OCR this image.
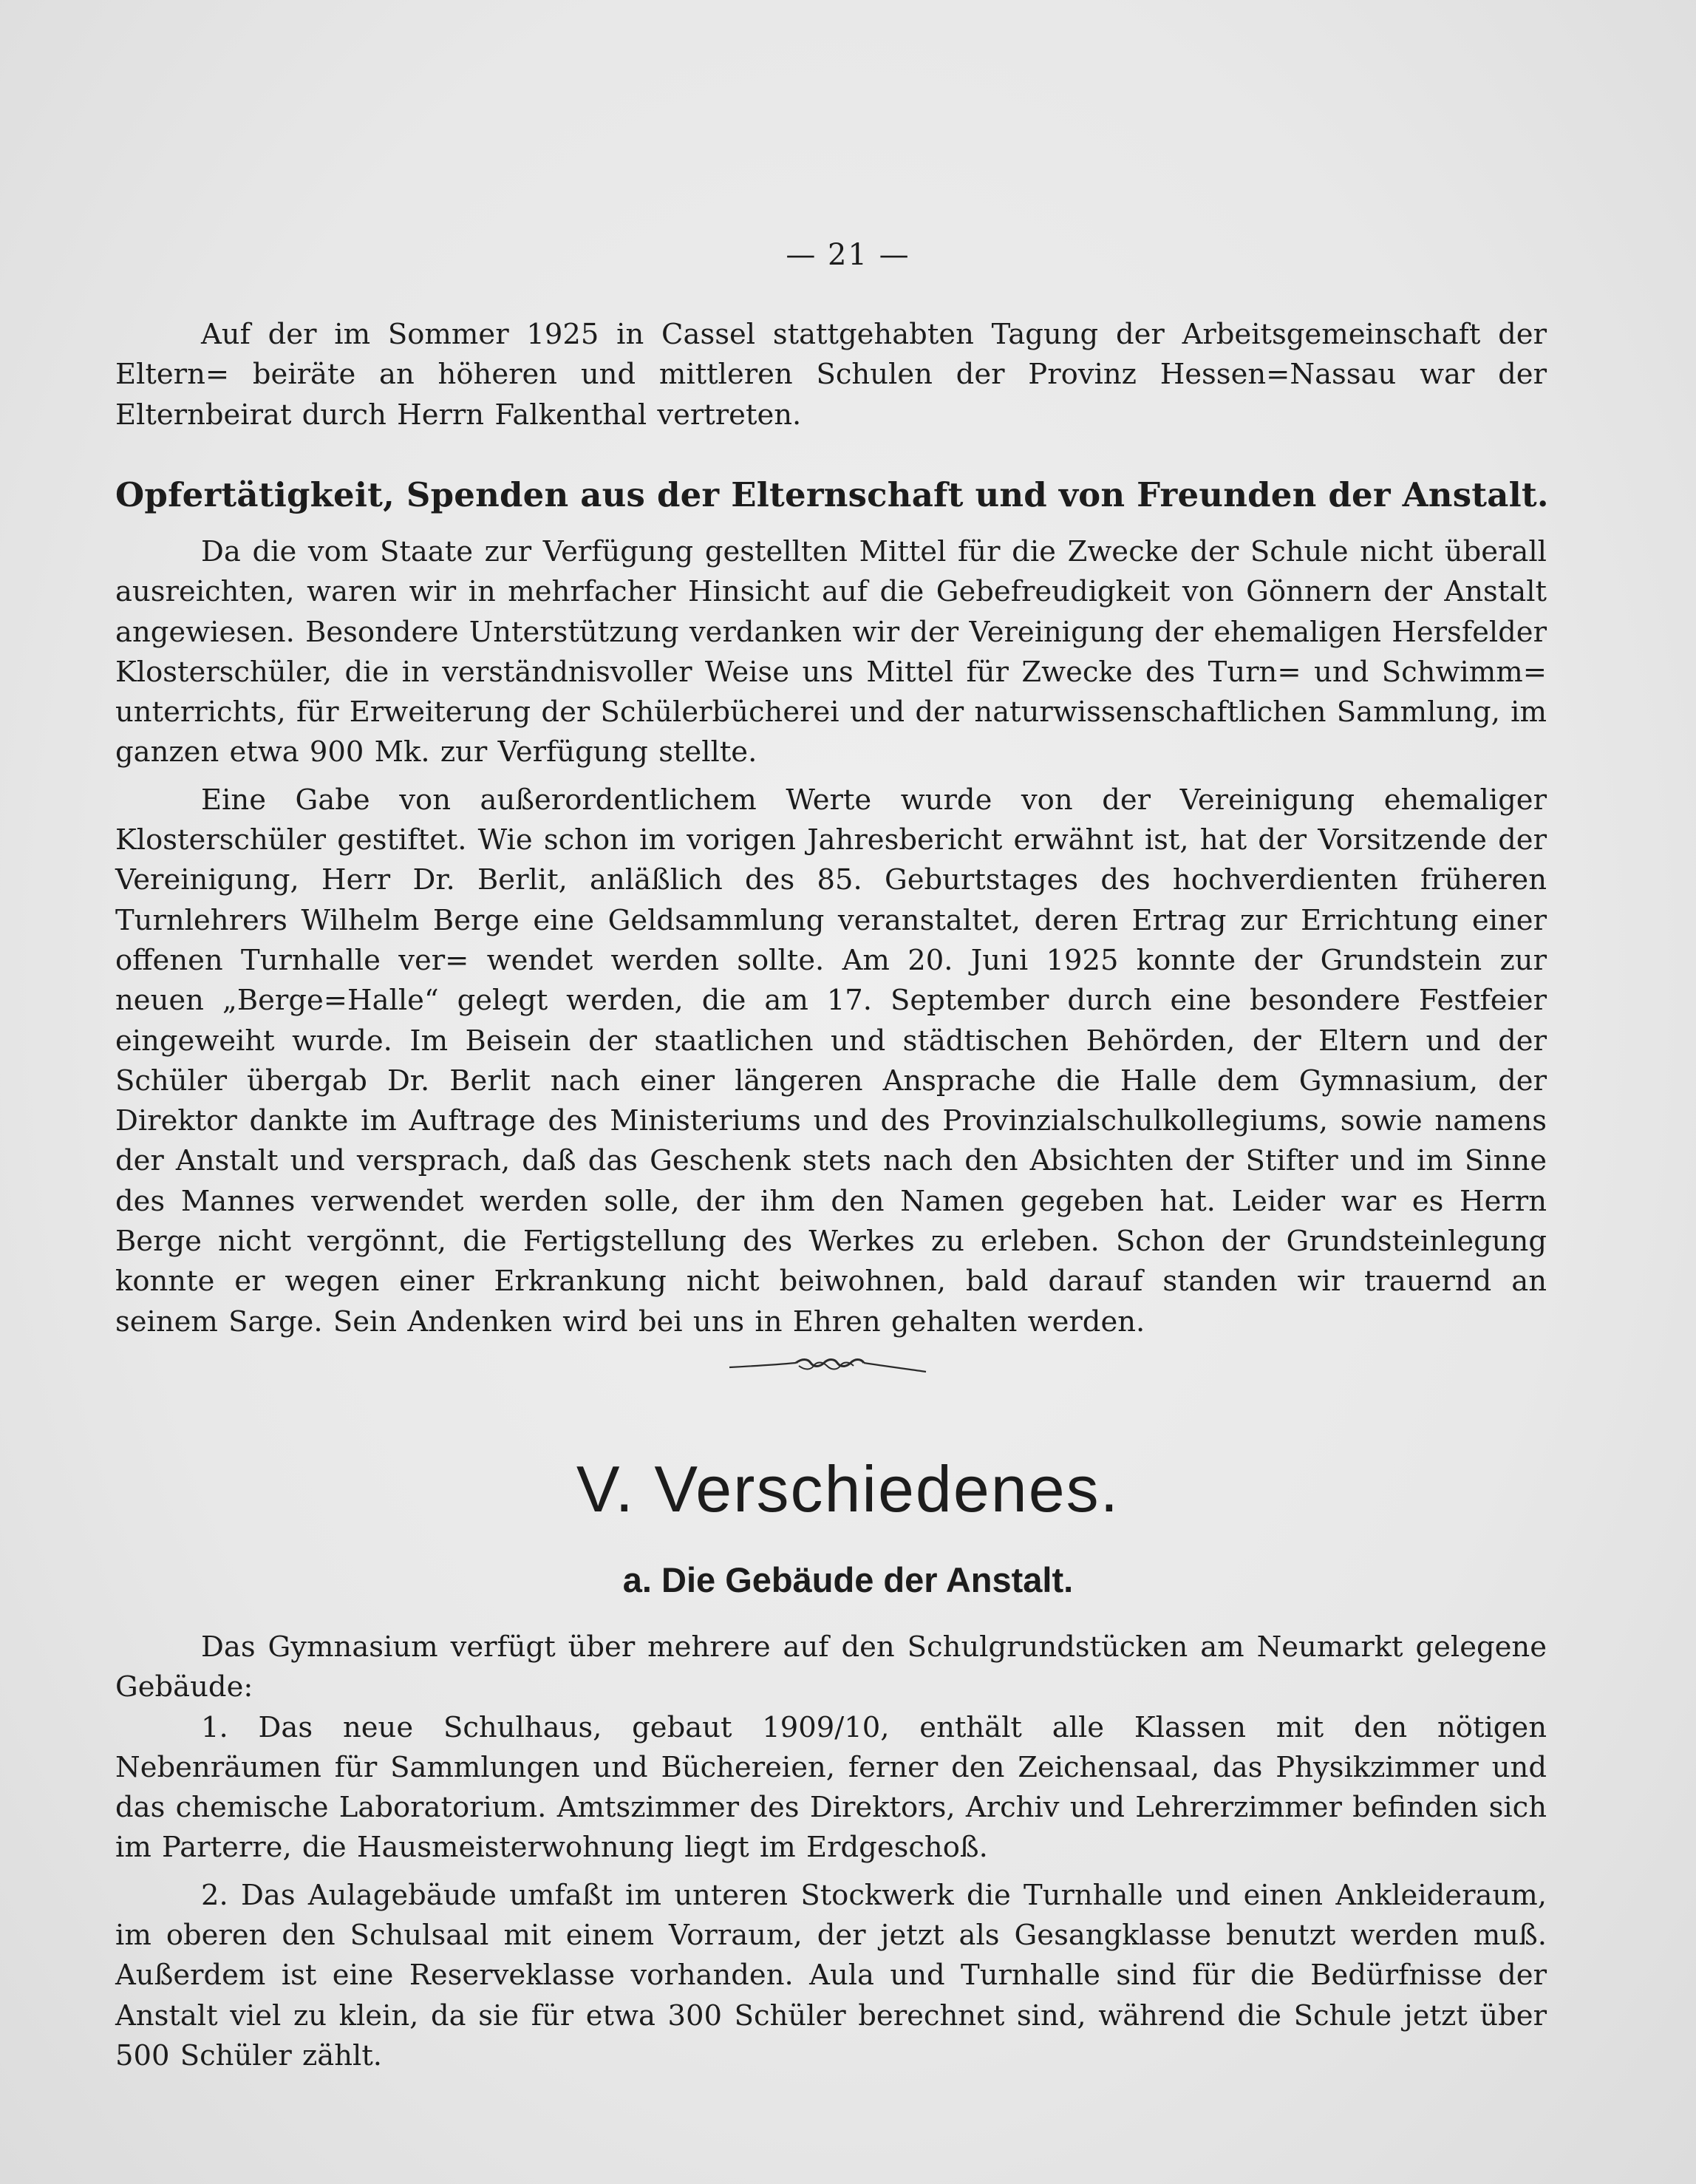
— 21 —

Auf der im Sommer 1925 in Cassel stattgehabten Tagung der Arbeitsgemeinschaft der Eltern= beiräte an höheren und mittleren Schulen der Provinz Hessen=Nassau war der Elternbeirat durch Herrn Falkenthal vertreten.

Opfertätigkeit, Spenden aus der Elternschaft und von Freunden der Anstalt.

Da die vom Staate zur Verfügung gestellten Mittel für die Zwecke der Schule nicht überall ausreichten, waren wir in mehrfacher Hinsicht auf die Gebefreudigkeit von Gönnern der Anstalt angewiesen. Besondere Unterstützung verdanken wir der Vereinigung der ehemaligen Hersfelder Klosterschüler, die in verständnisvoller Weise uns Mittel für Zwecke des Turn= und Schwimm= unterrichts, für Erweiterung der Schülerbücherei und der naturwissenschaftlichen Sammlung, im ganzen etwa 900 Mk. zur Verfügung stellte.

Eine Gabe von außerordentlichem Werte wurde von der Vereinigung ehemaliger Klosterschüler gestiftet. Wie schon im vorigen Jahresbericht erwähnt ist, hat der Vorsitzende der Vereinigung, Herr Dr. Berlit, anläßlich des 85. Geburtstages des hochverdienten früheren Turnlehrers Wilhelm Berge eine Geldsammlung veranstaltet, deren Ertrag zur Errichtung einer offenen Turnhalle ver= wendet werden sollte. Am 20. Juni 1925 konnte der Grundstein zur neuen „Berge=Halle“ gelegt werden, die am 17. September durch eine besondere Festfeier eingeweiht wurde. Im Beisein der staatlichen und städtischen Behörden, der Eltern und der Schüler übergab Dr. Berlit nach einer längeren Ansprache die Halle dem Gymnasium, der Direktor dankte im Auftrage des Ministeriums und des Provinzialschulkollegiums, sowie namens der Anstalt und versprach, daß das Geschenk stets nach den Absichten der Stifter und im Sinne des Mannes verwendet werden solle, der ihm den Namen gegeben hat. Leider war es Herrn Berge nicht vergönnt, die Fertigstellung des Werkes zu erleben. Schon der Grundsteinlegung konnte er wegen einer Erkrankung nicht beiwohnen, bald darauf standen wir trauernd an seinem Sarge. Sein Andenken wird bei uns in Ehren gehalten werden.

V. Verschiedenes.
a. Die Gebäude der Anstalt.

Das Gymnasium verfügt über mehrere auf den Schulgrundstücken am Neumarkt gelegene Gebäude:

1. Das neue Schulhaus, gebaut 1909/10, enthält alle Klassen mit den nötigen Nebenräumen für Sammlungen und Büchereien, ferner den Zeichensaal, das Physikzimmer und das chemische Laboratorium. Amtszimmer des Direktors, Archiv und Lehrerzimmer befinden sich im Parterre, die Hausmeisterwohnung liegt im Erdgeschoß.

2. Das Aulagebäude umfaßt im unteren Stockwerk die Turnhalle und einen Ankleideraum, im oberen den Schulsaal mit einem Vorraum, der jetzt als Gesangklasse benutzt werden muß. Außerdem ist eine Reserveklasse vorhanden. Aula und Turnhalle sind für die Bedürfnisse der Anstalt viel zu klein, da sie für etwa 300 Schüler berechnet sind, während die Schule jetzt über 500 Schüler zählt.
